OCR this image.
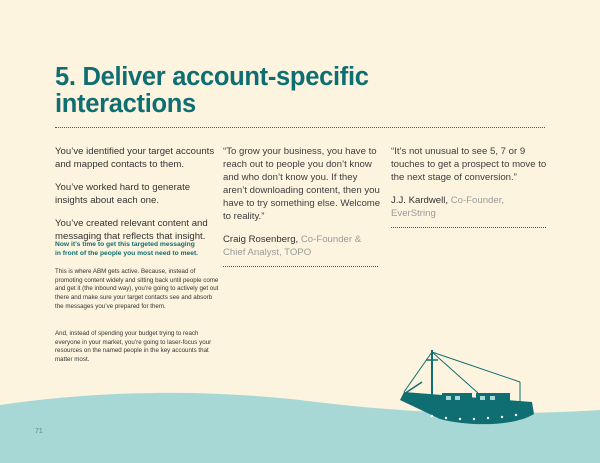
5. Deliver account-specific
interactions

You’ve identified your target accounts and mapped contacts to them.

You’ve worked hard to generate insights about each one.

You’ve created relevant content and messaging that reflects that insight.

“To grow your business, you have to reach out to people you don’t know and who don’t know you. If they aren’t downloading content, then you have to try something else. Welcome to reality.”
Craig Rosenberg, Co-Founder & Chief Analyst, TOPO
“It’s not unusual to see 5, 7 or 9 touches to get a prospect to move to the next stage of conversion.”
J.J. Kardwell, Co-Founder, EverString
Now it’s time to get this targeted messaging
in front of the people you most need to meet.
This is where ABM gets active. Because, instead of promoting content widely and sitting back until people come and get it (the inbound way), you’re going to actively get out there and make sure your target contacts see and absorb the messages you’ve prepared for them.
And, instead of spending your budget trying to reach everyone in your market, you’re going to laser-focus your resources on the named people in the key accounts that matter most.
71
